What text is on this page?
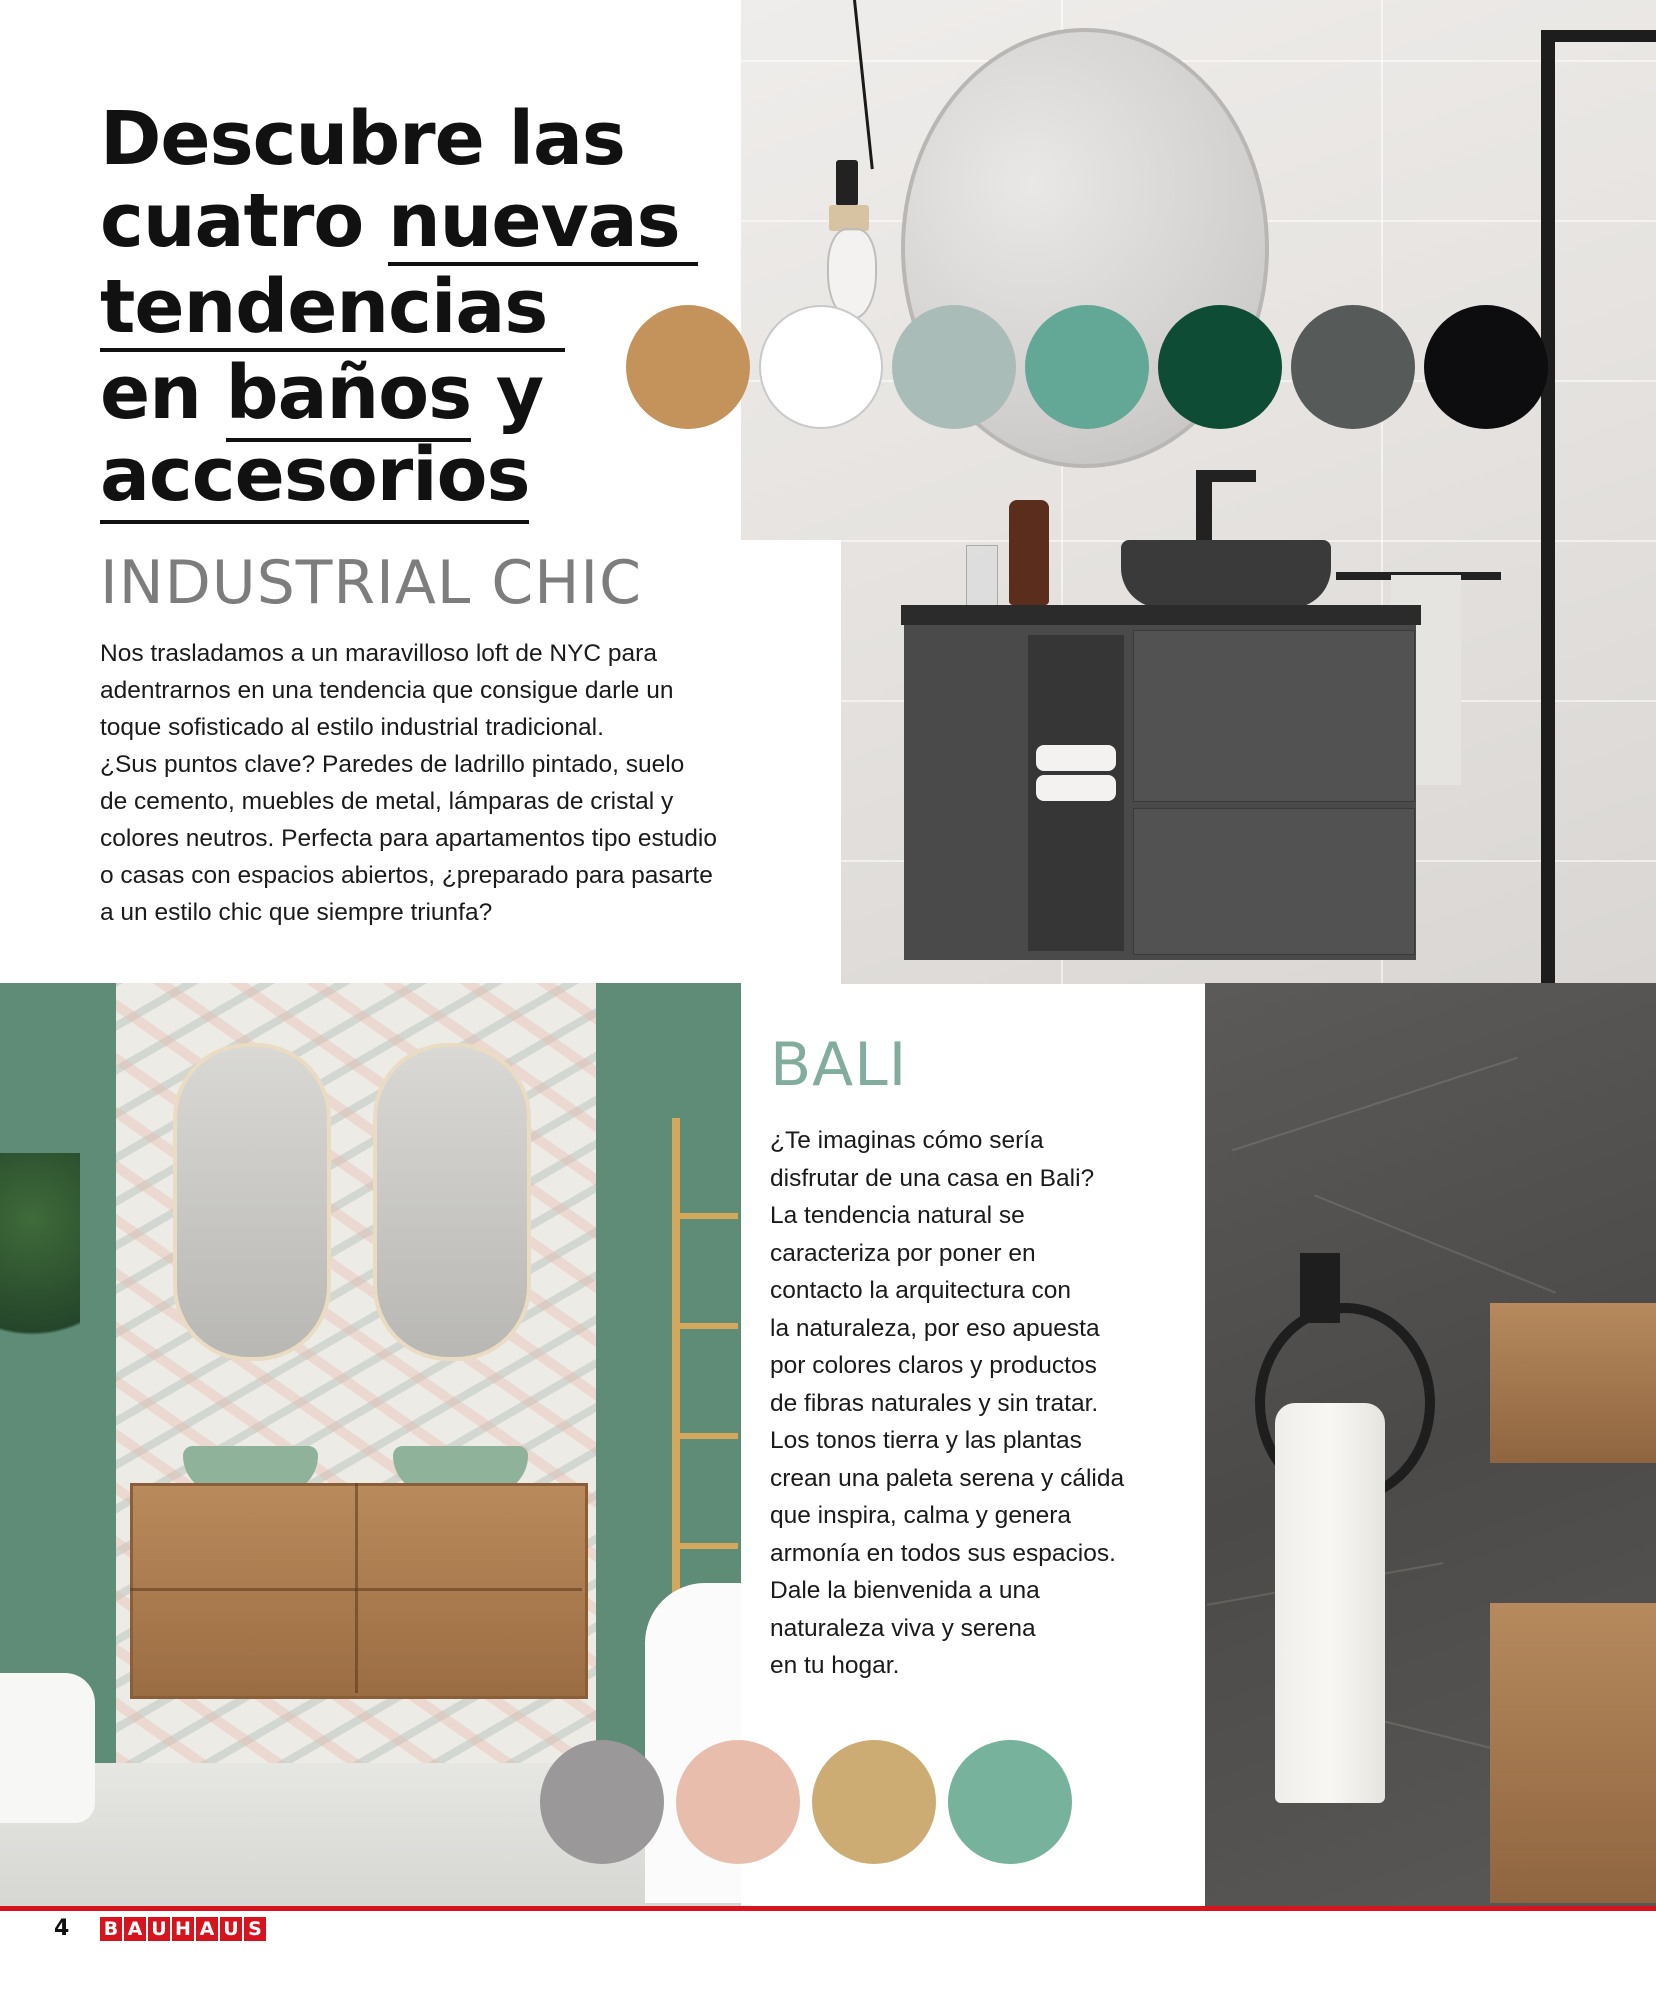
Descubre las
cuatro nuevas
tendencias
en baños y
accesorios
INDUSTRIAL CHIC
Nos trasladamos a un maravilloso loft de NYC para
adentrarnos en una tendencia que consigue darle un
toque sofisticado al estilo industrial tradicional.
¿Sus puntos clave? Paredes de ladrillo pintado, suelo
de cemento, muebles de metal, lámparas de cristal y
colores neutros. Perfecta para apartamentos tipo estudio
o casas con espacios abiertos, ¿preparado para pasarte
a un estilo chic que siempre triunfa?
BALI
¿Te imaginas cómo sería
disfrutar de una casa en Bali?
La tendencia natural se
caracteriza por poner en
contacto la arquitectura con
la naturaleza, por eso apuesta
por colores claros y productos
de fibras naturales y sin tratar.
Los tonos tierra y las plantas
crean una paleta serena y cálida
que inspira, calma y genera
armonía en todos sus espacios.
Dale la bienvenida a una
naturaleza viva y serena
en tu hogar.
4 B A U H A U S
